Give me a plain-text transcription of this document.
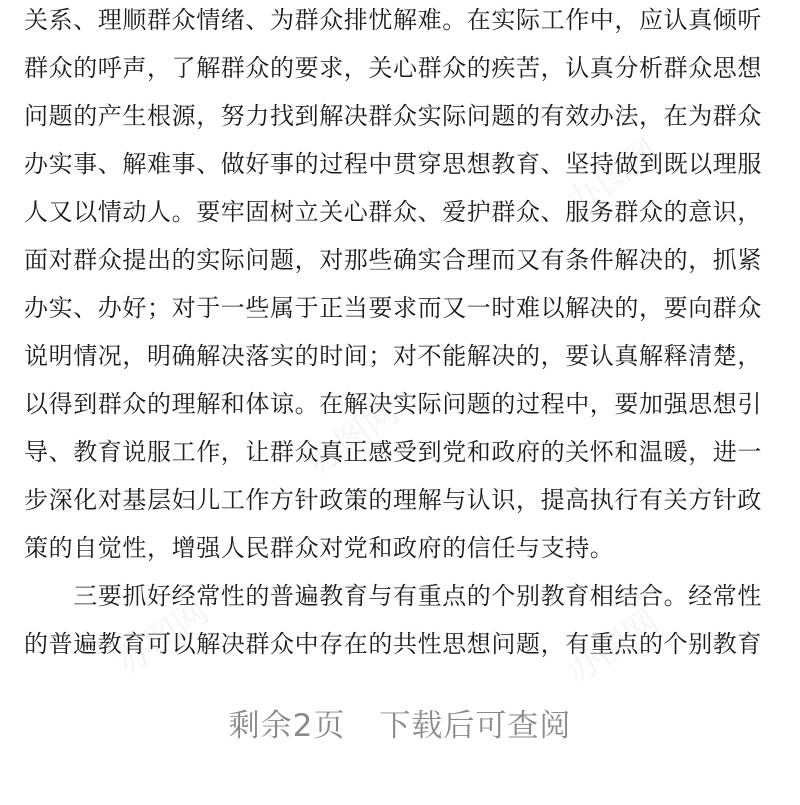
关系、理顺群众情绪、为群众排忧解难。在实际工作中，应认真倾听
群众的呼声，了解群众的要求，关心群众的疾苦，认真分析群众思想
问题的产生根源，努力找到解决群众实际问题的有效办法，在为群众
办实事、解难事、做好事的过程中贯穿思想教育、坚持做到既以理服
人又以情动人。要牢固树立关心群众、爱护群众、服务群众的意识，
面对群众提出的实际问题，对那些确实合理而又有条件解决的，抓紧
办实、办好；对于一些属于正当要求而又一时难以解决的，要向群众
说明情况，明确解决落实的时间；对不能解决的，要认真解释清楚，
以得到群众的理解和体谅。在解决实际问题的过程中，要加强思想引
导、教育说服工作，让群众真正感受到党和政府的关怀和温暖，进一
步深化对基层妇儿工作方针政策的理解与认识，提高执行有关方针政
策的自觉性，增强人民群众对党和政府的信任与支持。
　　三要抓好经常性的普遍教育与有重点的个别教育相结合。经常性
的普遍教育可以解决群众中存在的共性思想问题，有重点的个别教育
剩余2页 下载后可查阅
